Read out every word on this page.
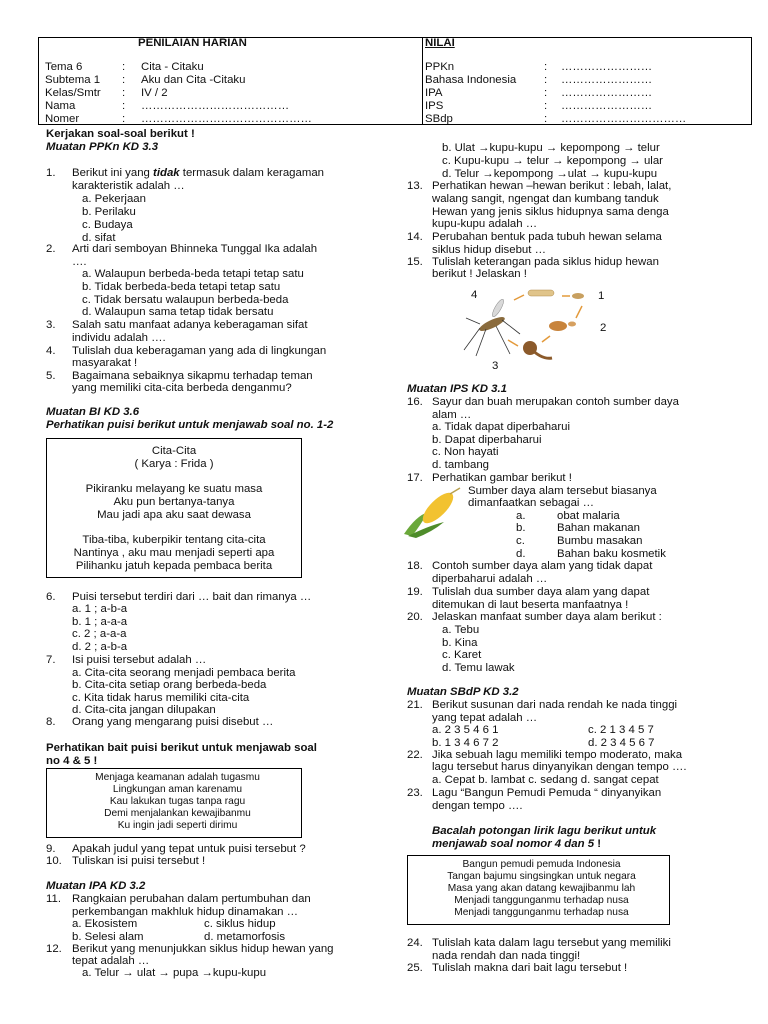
PENILAIAN HARIAN	NILAI
Tema 6	: Cita - Citaku
Subtema 1 : Aku dan Cita -Citaku
Kelas/Smtr : IV / 2
Nama	: …………………………………
Nomer	: ………………………………………
PPKn	: ……………………
Bahasa Indonesia : ……………………
IPA	: ……………………
IPS	: ……………………
SBdp	: ……………………………
Kerjakan soal-soal berikut !
Muatan PPKn KD 3.3
1. Berikut ini yang tidak termasuk dalam keragaman
karakteristik adalah …
a. Pekerjaan
b. Perilaku
c. Budaya
d. sifat
2. Arti dari semboyan Bhinneka Tunggal Ika adalah
….
a. Walaupun berbeda-beda tetapi tetap satu
b. Tidak berbeda-beda tetapi tetap satu
c. Tidak bersatu walaupun berbeda-beda
d. Walaupun sama tetap tidak bersatu
3. Salah satu manfaat adanya keberagaman sifat
individu adalah ….
4. Tulislah dua keberagaman yang ada di lingkungan
masyarakat !
5. Bagaimana sebaiknya sikapmu terhadap teman
yang memiliki cita-cita berbeda denganmu?
Muatan BI KD 3.6
Perhatikan puisi berikut untuk menjawab soal no. 1-2
Cita-Cita
( Karya : Frida )
Pikiranku melayang ke suatu masa
Aku pun bertanya-tanya
Mau jadi apa aku saat dewasa
Tiba-tiba, kuberpikir tentang cita-cita
Nantinya , aku mau menjadi seperti apa
Pilihanku jatuh kepada pembaca berita
6. Puisi tersebut terdiri dari … bait dan rimanya …
a. 1 ; a-b-a
b. 1 ; a-a-a
c. 2 ; a-a-a
d. 2 ; a-b-a
7. Isi puisi tersebut adalah …
a. Cita-cita seorang menjadi pembaca berita
b. Cita-cita setiap orang berbeda-beda
c. Kita tidak harus memiliki cita-cita
d. Cita-cita jangan dilupakan
8. Orang yang mengarang puisi disebut …
Perhatikan bait puisi berikut untuk menjawab soal
no 4 & 5 !
Menjaga keamanan adalah tugasmu
Lingkungan aman karenamu
Kau lakukan tugas tanpa ragu
Demi menjalankan kewajibanmu
Ku ingin jadi seperti dirimu
9. Apakah judul yang tepat untuk puisi tersebut ?
10. Tuliskan isi puisi tersebut !
Muatan IPA KD 3.2
11. Rangkaian perubahan dalam pertumbuhan dan
perkembangan makhluk hidup dinamakan …
a. Ekosistem	c. siklus hidup
b. Selesi alam	d. metamorfosis
12. Berikut yang menunjukkan siklus hidup hewan yang
tepat adalah …
a. Telur → ulat → pupa →kupu-kupu
b. Ulat →kupu-kupu → kepompong → telur
c. Kupu-kupu → telur → kepompong → ular
d. Telur →kepompong →ulat → kupu-kupu
13. Perhatikan hewan –hewan berikut : lebah, lalat,
walang sangit, ngengat dan kumbang tanduk
Hewan yang jenis siklus hidupnya sama denga
kupu-kupu adalah …
14. Perubahan bentuk pada tubuh hewan selama
siklus hidup disebut …
15. Tulislah keterangan pada siklus hidup hewan
berikut ! Jelaskan !
4	1
2
3
Muatan IPS KD 3.1
16. Sayur dan buah merupakan contoh sumber daya
alam …
a. Tidak dapat diperbaharui
b. Dapat diperbaharui
c. Non hayati
d. tambang
17. Perhatikan gambar berikut !
Sumber daya alam tersebut biasanya
dimanfaatkan sebagai …
a.	obat malaria
b.	Bahan makanan
c.	Bumbu masakan
d.	Bahan baku kosmetik
18. Contoh sumber daya alam yang tidak dapat
diperbaharui adalah …
19. Tulislah dua sumber daya alam yang dapat
ditemukan di laut beserta manfaatnya !
20. Jelaskan manfaat sumber daya alam berikut :
a. Tebu
b. Kina
c. Karet
d. Temu lawak
Muatan SBdP KD 3.2
21. Berikut susunan dari nada rendah ke nada tinggi
yang tepat adalah …
a. 2 3 5 4 6 1	c. 2 1 3 4 5 7
b. 1 3 4 6 7 2	d. 2 3 4 5 6 7
22. Jika sebuah lagu memiliki tempo moderato, maka
lagu tersebut harus dinyanyikan dengan tempo ….
a. Cepat b. lambat c. sedang d. sangat cepat
23. Lagu “Bangun Pemudi Pemuda “ dinyanyikan
dengan tempo ….
Bacalah potongan lirik lagu berikut untuk
menjawab soal nomor 4 dan 5 !
Bangun pemudi pemuda Indonesia
Tangan bajumu singsingkan untuk negara
Masa yang akan datang kewajibanmu lah
Menjadi tanggunganmu terhadap nusa
Menjadi tanggunganmu terhadap nusa
24. Tulislah kata dalam lagu tersebut yang memiliki
nada rendah dan nada tinggi!
25. Tulislah makna dari bait lagu tersebut !
